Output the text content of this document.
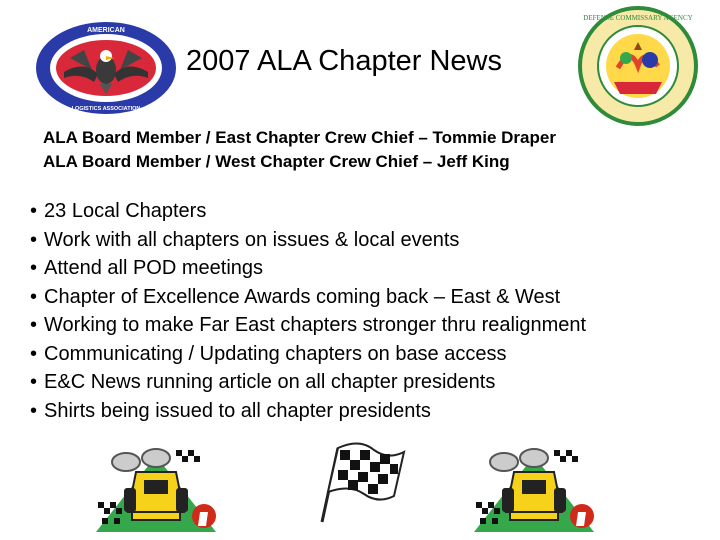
AMERICAN
LOGISTICS ASSOCIATION
2007 ALA Chapter News
DEFENSE COMMISSARY AGENCY
ALA Board Member / East Chapter Crew Chief – Tommie Draper
ALA Board Member / West Chapter Crew Chief – Jeff King
• 23 Local Chapters
• Work with all chapters on issues & local events
• Attend all POD meetings
• Chapter of Excellence Awards coming back – East & West
• Working to make Far East chapters stronger thru realignment
• Communicating / Updating chapters on base access
• E&C News running article on all chapter presidents
• Shirts being issued to all chapter presidents
